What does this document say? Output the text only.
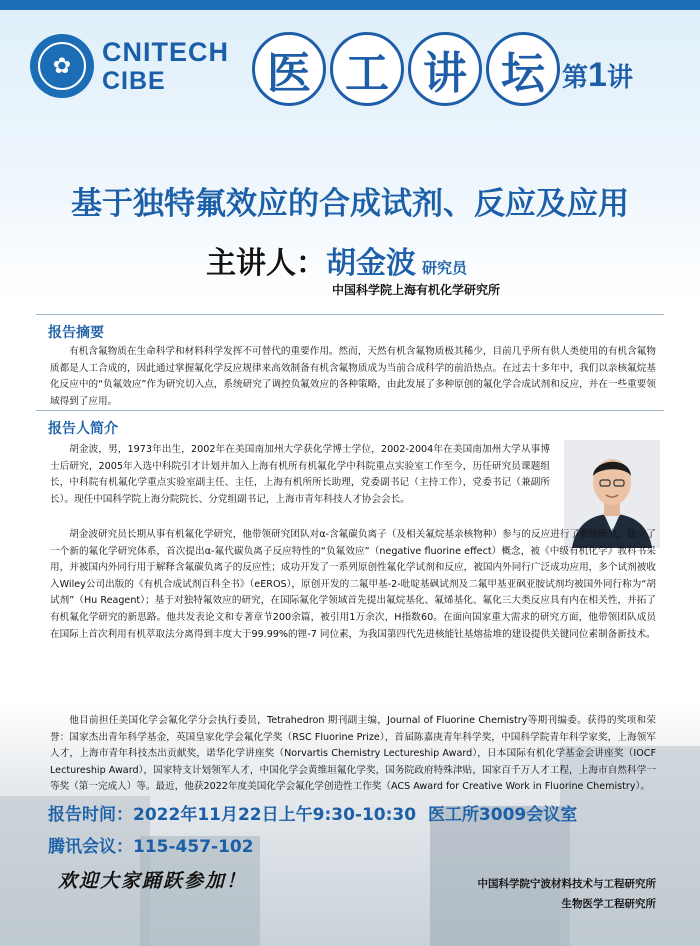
✿	CNITECH
CIBE	医 工 讲 坛 第1讲
基于独特氟效应的合成试剂、反应及应用
主讲人：胡金波 研究员
中国科学院上海有机化学研究所
报告摘要

有机含氟物质在生命科学和材料科学发挥不可替代的重要作用。然而，天然有机含氟物质极其稀少，目前几乎所有供人类使用的有机含氟物质都是人工合成的，因此通过掌握氟化学反应规律来高效制备有机含氟物质成为当前合成科学的前沿热点。在过去十多年中，我们以亲核氟烷基化反应中的“负氟效应”作为研究切入点，系统研究了调控负氟效应的各种策略，由此发展了多种原创的氟化学合成试剂和反应，并在一些重要领域得到了应用。

报告人简介

胡金波，男，1973年出生，2002年在美国南加州大学获化学博士学位，2002-2004年在美国南加州大学从事博士后研究，2005年入选中科院引才计划并加入上海有机所有机氟化学中科院重点实验室工作至今，历任研究员课题组长，中科院有机氟化学重点实验室副主任、主任，上海有机所所长助理，党委副书记（主持工作），党委书记（兼副所长）。现任中国科学院上海分院院长、分党组副书记，上海市青年科技人才协会会长。

胡金波研究员长期从事有机氟化学研究，他带领研究团队对α-含氟碳负离子（及相关氟烷基亲核物种）参与的反应进行了系统研究，建立了一个新的氟化学研究体系，首次提出α-氟代碳负离子反应特性的“负氟效应”（negative fluorine effect）概念，被《中级有机化学》教科书采用，并被国内外同行用于解释含氟碳负离子的反应性；成功开发了一系列原创性氟化学试剂和反应，被国内外同行广泛成功应用，多个试剂被收入Wiley公司出版的《有机合成试剂百科全书》（eEROS），原创开发的二氟甲基-2-吡啶基砜试剂及二氟甲基亚砜亚胺试剂均被国外同行称为“胡试剂”（Hu Reagent）；基于对独特氟效应的研究，在国际氟化学领域首先提出氟烷基化、氟烯基化、氟化三大类反应具有内在相关性，并拓了有机氟化学研究的新思路。他共发表论文和专著章节200余篇，被引用1万余次，H指数60。在面向国家重大需求的研究方面，他带领团队成员在国际上首次利用有机萃取法分离得到丰度大于99.99%的锂-7 同位素，为我国第四代先进核能钍基熔盐堆的建设提供关键同位素制备新技术。

他目前担任美国化学会氟化学分会执行委员，Tetrahedron 期刊副主编，Journal of Fluorine Chemistry等期刊编委。获得的奖项和荣誉：国家杰出青年科学基金，英国皇家化学会氟化学奖（RSC Fluorine Prize），首届陈嘉庚青年科学奖，中国科学院青年科学家奖，上海领军人才，上海市青年科技杰出贡献奖，诺华化学讲座奖（Norvartis Chemistry Lectureship Award），日本国际有机化学基金会讲座奖（IOCF Lectureship Award），国家特支计划领军人才，中国化学会黄维垣氟化学奖，国务院政府特殊津贴，国家百千万人才工程，上海市自然科学一等奖（第一完成人）等。最近，他获2022年度美国化学会氟化学创造性工作奖（ACS Award for Creative Work in Fluorine Chemistry）。

报告时间：2022年11月22日上午9:30-10:30 医工所3009会议室
腾讯会议：115-457-102
欢迎大家踊跃参加！	中国科学院宁波材料技术与工程研究所
生物医学工程研究所
